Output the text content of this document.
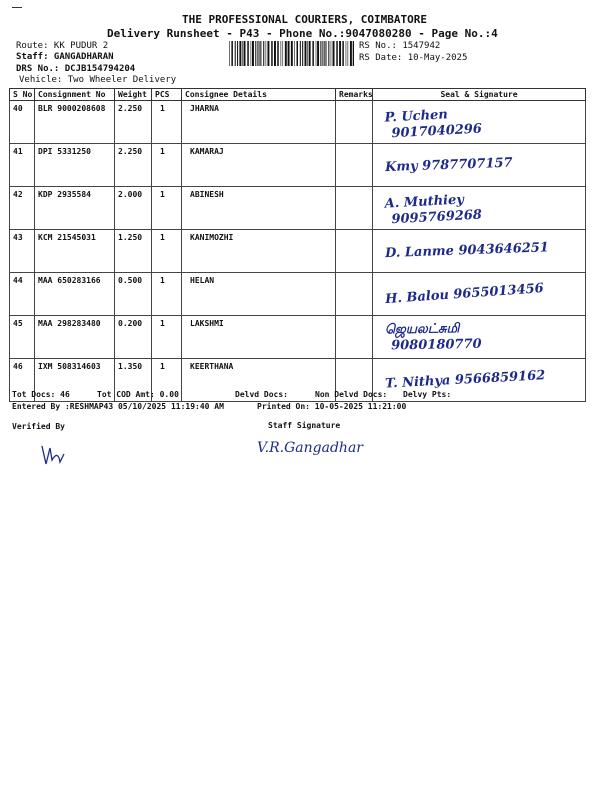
THE PROFESSIONAL COURIERS, COIMBATORE
Delivery Runsheet - P43 - Phone No.:9047080280 - Page No.:4
Route: KK PUDUR 2
Staff: GANGADHARAN
DRS No.: DCJB154794204
Vehicle: Two Wheeler Delivery
RS No.: 1547942
RS Date: 10-May-2025
S No	Consignment No	Weight	PCS	Consignee Details	Remarks	Seal & Signature
40	BLR 9000208608	2.250	1	JHARNA		P. Uchen
9017040296

41	DPI 5331250	2.250	1	KAMARAJ		Kmy 9787707157

42	KDP 2935584	2.000	1	ABINESH		A. Muthiey
9095769268

43	KCM 21545031	1.250	1	KANIMOZHI		D. Lanme 9043646251

44	MAA 650283166	0.500	1	HELAN		H. Balou 9655013456

45	MAA 298283480	0.200	1	LAKSHMI		ஜெயலட்சுமி
9080180770

46	IXM 508314603	1.350	1	KEERTHANA		T. Nithya 9566859162
Tot Docs: 46	Tot COD Amt: 0.00	Delvd Docs:	Non Delvd Docs: Delvy Pts:
Entered By :RESHMAP43 05/10/2025 11:19:40 AM	Printed On: 10-05-2025 11:21:00
Verified By	Staff Signature
V.R.Gangadhar
